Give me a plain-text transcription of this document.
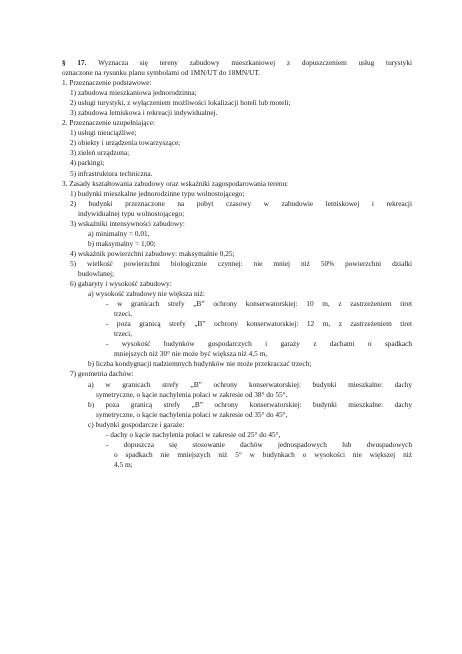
§ 17. Wyznacza się tereny zabudowy mieszkaniowej z dopuszczeniem usług turystyki
oznaczone na rysunku planu symbolami od 1MN/UT do 18MN/UT.
1. Przeznaczenie podstawowe:
1) zabudowa mieszkaniowa jednorodzinna;
2) usługi turystyki, z wyłączeniem możliwości lokalizacji hoteli lub moteli;
3) zabudowa letniskowa i rekreacji indywidualnej.
2. Przeznaczenie uzupełniające:
1) usługi nieuciążliwe;
2) obiekty i urządzenia towarzyszące;
3) zieleń urządzona;
4) parkingi;
5) infrastruktura techniczna.
3. Zasady kształtowania zabudowy oraz wskaźniki zagospodarowania terenu:
1) budynki mieszkalne jednorodzinne typu wolnostojącego;
2) budynki przeznaczone na pobyt czasowy w zabudowie letniskowej i rekreacji
indywidualnej typu wolnostojącego;
3) wskaźniki intensywności zabudowy:
a) minimalny = 0,01,
b) maksymalny = 1,00;
4) wskaźnik powierzchni zabudowy: maksymalnie 0,25;
5) wielkość powierzchni biologicznie czynnej: nie mniej niż 50% powierzchni działki
budowlanej;
6) gabaryty i wysokość zabudowy:
a) wysokość zabudowy nie większa niż:
- w granicach strefy „B” ochrony konserwatorskiej: 10 m, z zastrzeżeniem tiret
trzeci,
- poza granicą strefy „B” ochrony konserwatorskiej: 12 m, z zastrzeżeniem tiret
trzeci,
- wysokość budynków gospodarczych i garaży z dachami o spadkach
mniejszych niż 30° nie może być większa niż 4,5 m,
b) liczba kondygnacji nadziemnych budynków nie może przekraczać trzech;
7) geometria dachów:
a) w granicach strefy „B” ochrony konserwatorskiej: budynki mieszkalne: dachy
symetryczne, o kącie nachylenia połaci w zakresie od 38° do 55°,
b) poza granicą strefy „B” ochrony konserwatorskiej: budynki mieszkalne: dachy
symetryczne, o kącie nachylenia połaci w zakresie od 35° do 45°,
c) budynki gospodarcze i garaże:
- dachy o kącie nachylenia połaci w zakresie od 25° do 45°,
- dopuszcza się stosowanie dachów jednospadowych lub dwuspadowych
o spadkach nie mniejszych niż 5° w budynkach o wysokości nie większej niż
4,5 m;
